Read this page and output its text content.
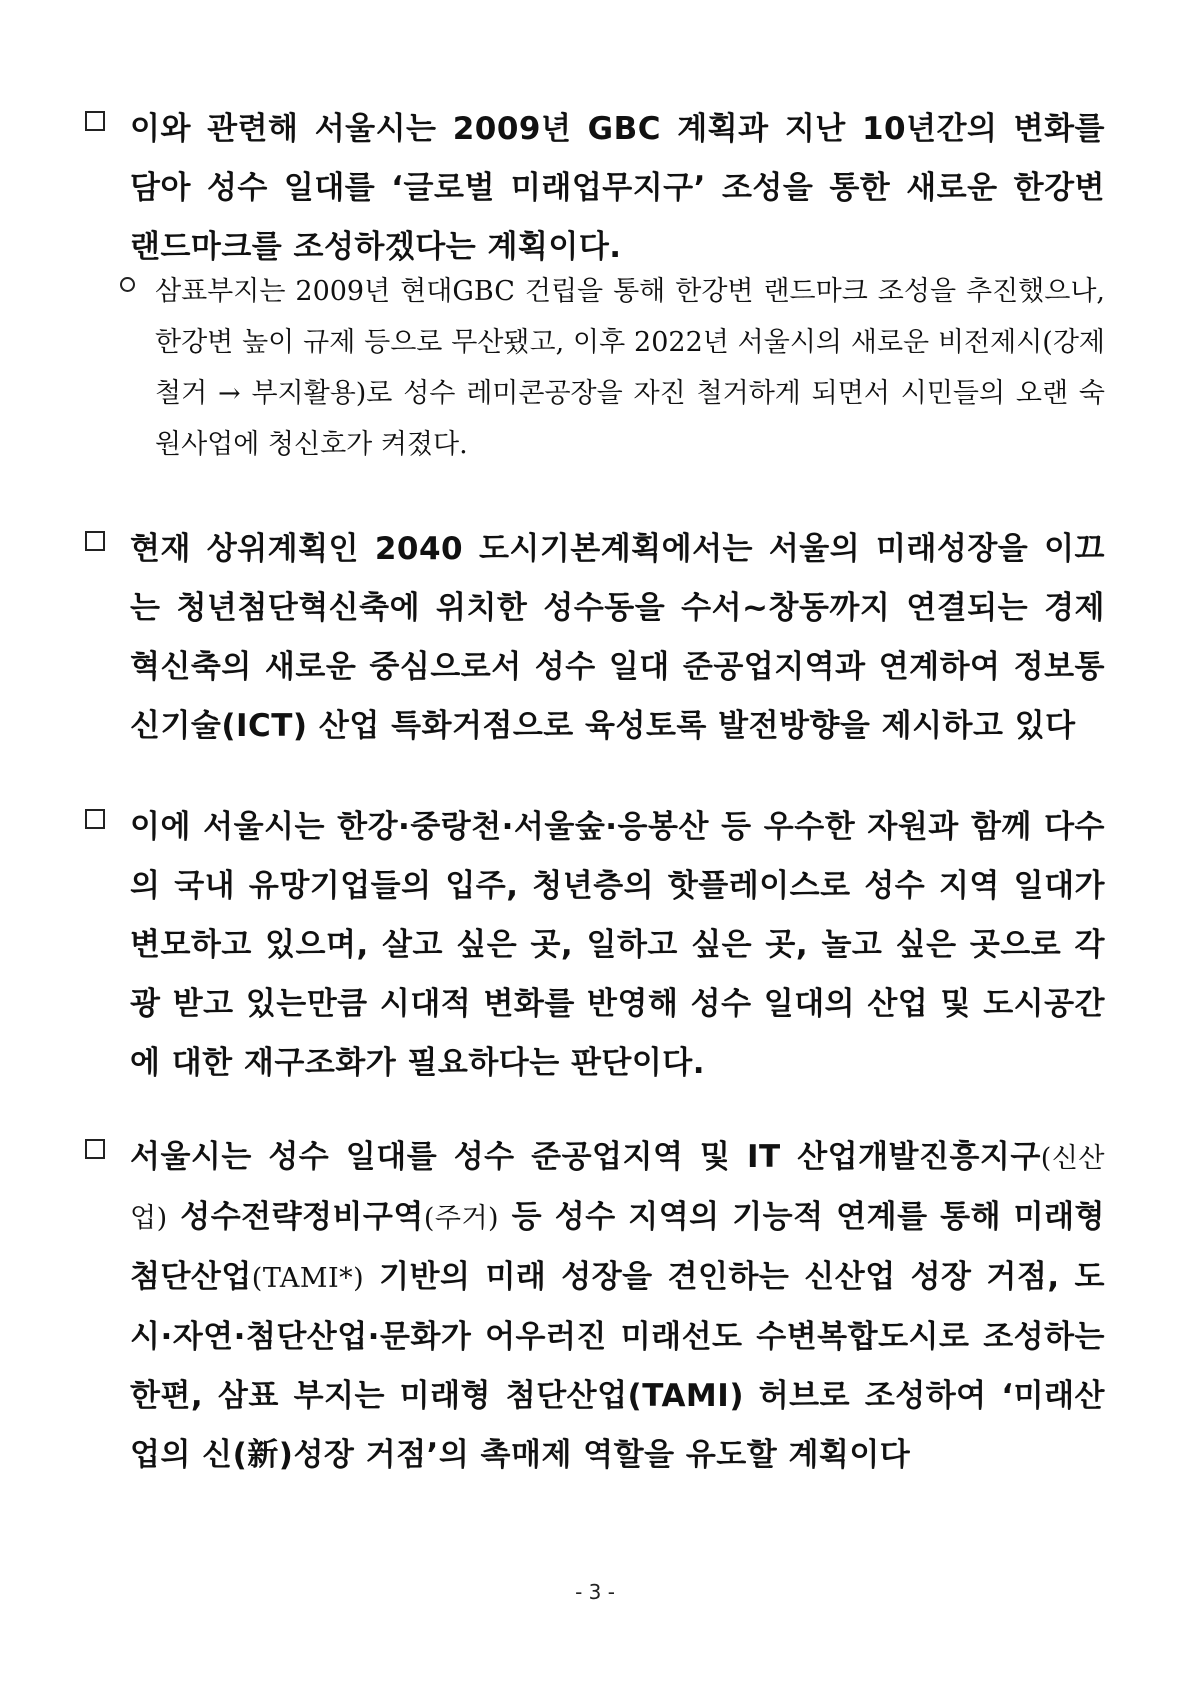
이와 관련해 서울시는 2009년 GBC 계획과 지난 10년간의 변화를 담아 성수 일대를 ‘글로벌 미래업무지구’ 조성을 통한 새로운 한강변 랜드마크를 조성하겠다는 계획이다.
삼표부지는 2009년 현대GBC 건립을 통해 한강변 랜드마크 조성을 추진했으나, 한강변 높이 규제 등으로 무산됐고, 이후 2022년 서울시의 새로운 비전제시(강제철거 → 부지활용)로 성수 레미콘공장을 자진 철거하게 되면서 시민들의 오랜 숙원사업에 청신호가 켜졌다.
현재 상위계획인 2040 도시기본계획에서는 서울의 미래성장을 이끄는 청년첨단혁신축에 위치한 성수동을 수서~창동까지 연결되는 경제혁신축의 새로운 중심으로서 성수 일대 준공업지역과 연계하여 정보통신기술(ICT) 산업 특화거점으로 육성토록 발전방향을 제시하고 있다
이에 서울시는 한강·중랑천·서울숲·응봉산 등 우수한 자원과 함께 다수의 국내 유망기업들의 입주, 청년층의 핫플레이스로 성수 지역 일대가 변모하고 있으며, 살고 싶은 곳, 일하고 싶은 곳, 놀고 싶은 곳으로 각광 받고 있는만큼 시대적 변화를 반영해 성수 일대의 산업 및 도시공간에 대한 재구조화가 필요하다는 판단이다.
서울시는 성수 일대를 성수 준공업지역 및 IT 산업개발진흥지구(신산업) 성수전략정비구역(주거) 등 성수 지역의 기능적 연계를 통해 미래형 첨단산업(TAMI*) 기반의 미래 성장을 견인하는 신산업 성장 거점, 도시·자연·첨단산업·문화가 어우러진 미래선도 수변복합도시로 조성하는 한편, 삼표 부지는 미래형 첨단산업(TAMI) 허브로 조성하여 ‘미래산업의 신(新)성장 거점’의 촉매제 역할을 유도할 계획이다
- 3 -
